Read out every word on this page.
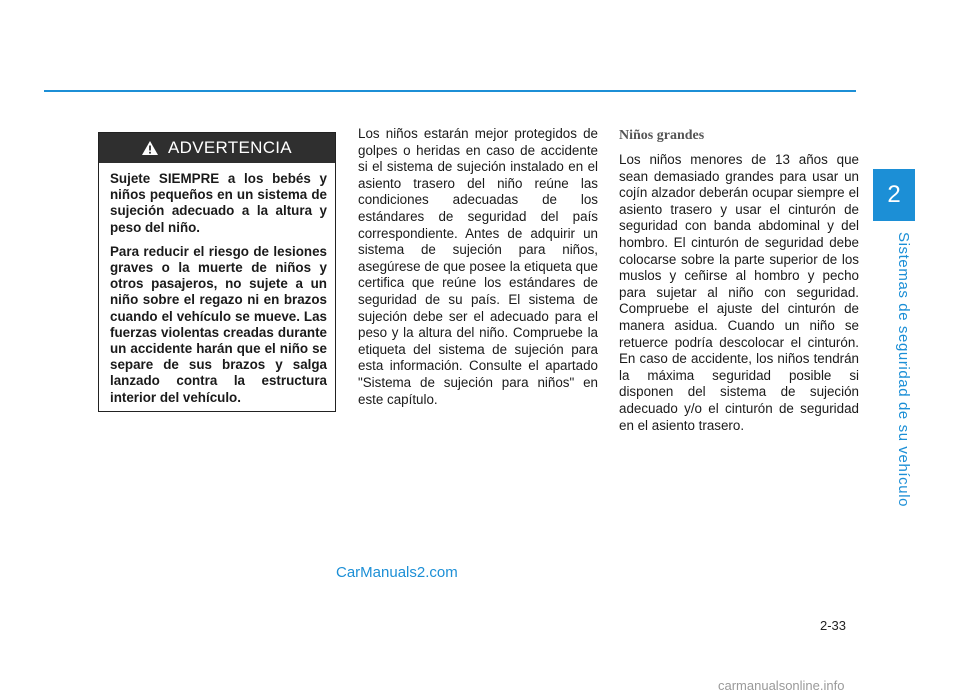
2
Sistemas de seguridad de su vehículo
ADVERTENCIA

Sujete SIEMPRE a los bebés y niños pequeños en un sistema de sujeción adecuado a la altura y peso del niño.

Para reducir el riesgo de lesiones graves o la muerte de niños y otros pasajeros, no sujete a un niño sobre el regazo ni en brazos cuando el vehículo se mueve. Las fuerzas violentas creadas durante un accidente harán que el niño se separe de sus brazos y salga lanzado contra la estructura interior del vehículo.

Los niños estarán mejor protegidos de golpes o heridas en caso de accidente si el sistema de sujeción instalado en el asiento trasero del niño reúne las condiciones adecuadas de los estándares de seguridad del país correspondiente. Antes de adquirir un sistema de sujeción para niños, asegúrese de que posee la etiqueta que certifica que reúne los estándares de seguridad de su país. El sistema de sujeción debe ser el adecuado para el peso y la altura del niño. Compruebe la etiqueta del sistema de sujeción para esta información. Consulte el apartado "Sistema de sujeción para niños" en este capítulo.

Niños grandes

Los niños menores de 13 años que sean demasiado grandes para usar un cojín alzador deberán ocupar siempre el asiento trasero y usar el cinturón de seguridad con banda abdominal y del hombro. El cinturón de seguridad debe colocarse sobre la parte superior de los muslos y ceñirse al hombro y pecho para sujetar al niño con seguridad. Compruebe el ajuste del cinturón de manera asidua. Cuando un niño se retuerce podría descolocar el cinturón. En caso de accidente, los niños tendrán la máxima seguridad posible si disponen del sistema de sujeción adecuado y/o el cinturón de seguridad en el asiento trasero.

2-33
CarManuals2.com
carmanualsonline.info
